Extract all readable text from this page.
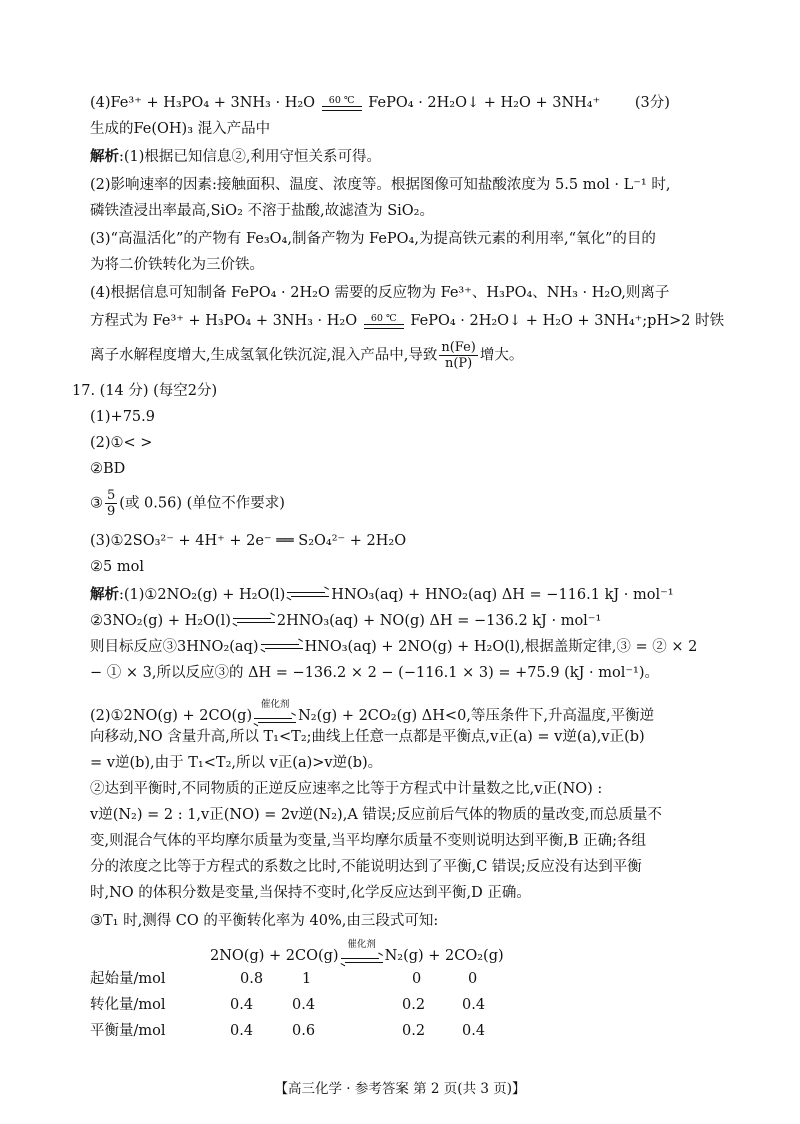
(4)Fe³⁺ + H₃PO₄ + 3NH₃ · H₂O	60 ℃ FePO₄ · 2H₂O↓ + H₂O + 3NH₄⁺ (3分)
生成的Fe(OH)₃ 混入产品中
解析:(1)根据已知信息②,利用守恒关系可得。
(2)影响速率的因素:接触面积、温度、浓度等。根据图像可知盐酸浓度为 5.5 mol · L⁻¹ 时,
磷铁渣浸出率最高,SiO₂ 不溶于盐酸,故滤渣为 SiO₂。
(3)“高温活化”的产物有 Fe₃O₄,制备产物为 FePO₄,为提高铁元素的利用率,“氧化”的目的
为将二价铁转化为三价铁。
(4)根据信息可知制备 FePO₄ · 2H₂O 需要的反应物为 Fe³⁺、H₃PO₄、NH₃ · H₂O,则离子
方程式为 Fe³⁺ + H₃PO₄ + 3NH₃ · H₂O	60 ℃ FePO₄ · 2H₂O↓ + H₂O + 3NH₄⁺;pH>2 时铁
离子水解程度增大,生成氢氧化铁沉淀,混入产品中,导致 $\frac{n(Fe)}{n(P)}$ 增大。
17. (14 分) (每空2分)
(1)+75.9
(2)①< >
②BD
③ $\frac{5}{9}$ (或 0.56) (单位不作要求)
(3)①2SO₃²⁻ + 4H⁺ + 2e⁻ ══ S₂O₄²⁻ + 2H₂O
②5 mol
解析:(1)①2NO₂(g) + H₂O(l)	HNO₃(aq) + HNO₂(aq) ΔH = −116.1 kJ · mol⁻¹
②3NO₂(g) + H₂O(l)	2HNO₃(aq) + NO(g) ΔH = −136.2 kJ · mol⁻¹
则目标反应③3HNO₂(aq)	HNO₃(aq) + 2NO(g) + H₂O(l),根据盖斯定律,③ = ② × 2
− ① × 3,所以反应③的 ΔH = −136.2 × 2 − (−116.1 × 3) = +75.9 (kJ · mol⁻¹)。
(2)①2NO(g) + 2CO(g)
催化剂
N₂(g) + 2CO₂(g) ΔH<0,等压条件下,升高温度,平衡逆
向移动,NO 含量升高,所以 T₁<T₂;曲线上任意一点都是平衡点,v正(a) = v逆(a),v正(b)
= v逆(b),由于 T₁<T₂,所以 v正(a)>v逆(b)。
②达到平衡时,不同物质的正逆反应速率之比等于方程式中计量数之比,v正(NO) :
v逆(N₂) = 2 : 1,v正(NO) = 2v逆(N₂),A 错误;反应前后气体的物质的量改变,而总质量不
变,则混合气体的平均摩尔质量为变量,当平均摩尔质量不变则说明达到平衡,B 正确;各组
分的浓度之比等于方程式的系数之比时,不能说明达到了平衡,C 错误;反应没有达到平衡
时,NO 的体积分数是变量,当保持不变时,化学反应达到平衡,D 正确。
③T₁ 时,测得 CO 的平衡转化率为 40%,由三段式可知:
2NO(g) + 2CO(g)
催化剂
N₂(g) + 2CO₂(g)
起始量/mol	0.8	1	0	0
转化量/mol	0.4	0.4	0.2	0.4
平衡量/mol	0.4	0.6	0.2	0.4
【高三化学 · 参考答案 第 2 页(共 3 页)】
